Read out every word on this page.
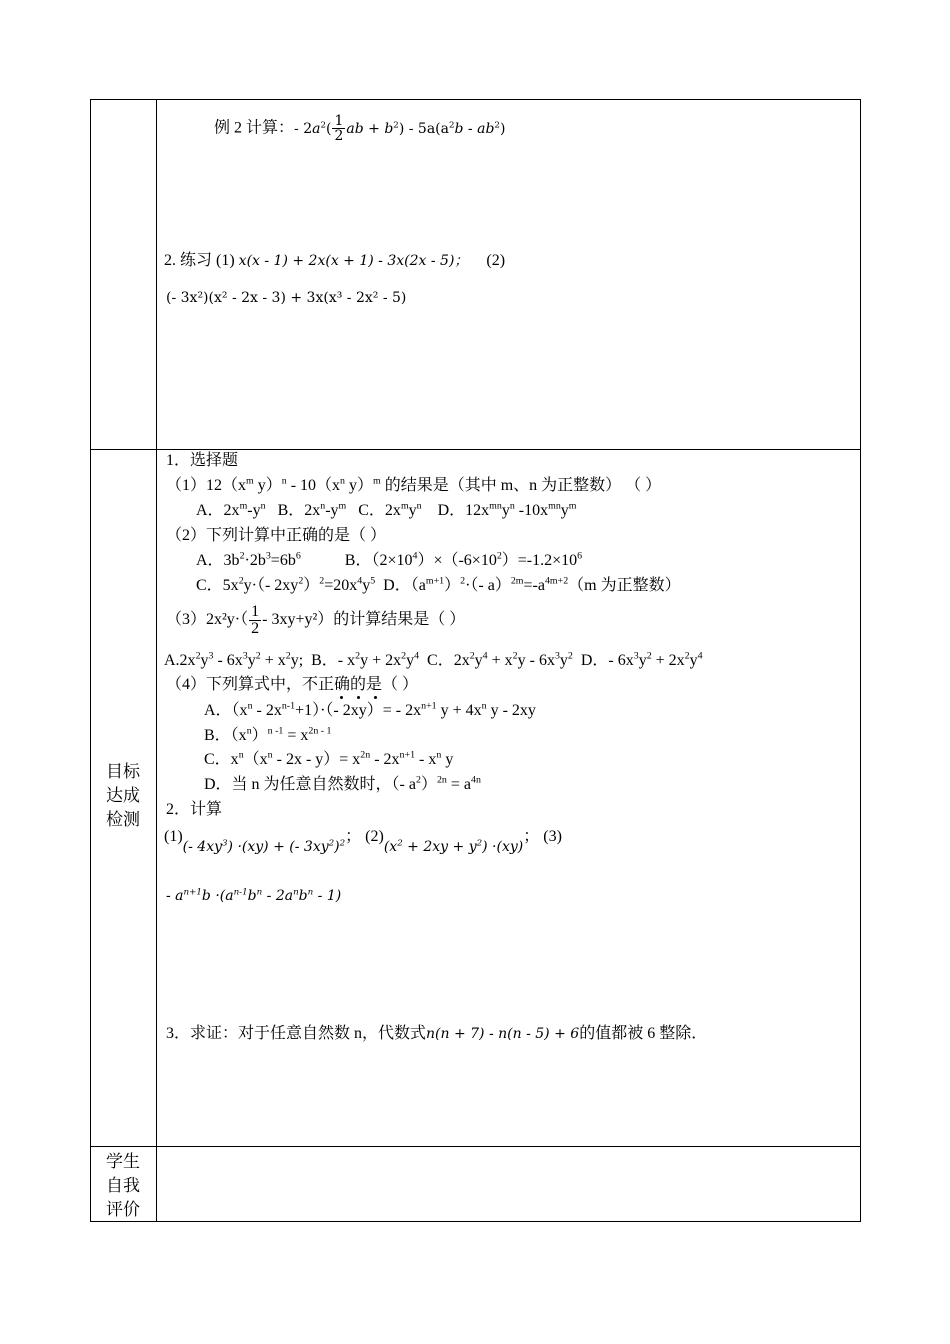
例 2 计算：- $2a^2( \frac{1}{2}$ ab + $b^2) - 5a(a^2b - ab^2)$
2. 练习 (1) x(x - 1) + 2x(x + 1) - 3x(2x - 5)； (2)
(- 3x²)(x² - 2x - 3) + 3x(x³ - 2x² - 5)
目标
达成
检测
1．选择题
$(1)12(x^m$ $y)^n - 10(x^n$ y）$^m$ 的结果是（其中 m、n 为正整数） （ ）
A．$2x^m-y^n$   B．$2x^n-y^m$   C．$2x^my^n$    D．$12x^{mn}y^n$ $-10x^{mn}y^m$
（2）下列计算中正确的是（ ）
A．$3b^2\cdot 2b^3=6b^6$           B．$(2\times 10^4)\times(-6\times 10^2)=-1.2\times 10^6$
C．$5x^2y\cdot(-$ $2xy^2)^2=20x^4y^5$  D．$(a^{m+1})^2\cdot(-$ $a)^{2m}=-a^{4m+2}(m$ 为正整数）
$(3)2x^2y\cdot( \frac{1}{2} - 3xy+y^2)$的计算结果是（ ）
$A.2x^2y^3 - 6x^3y^2 + x^2y$;  B．- $x^2y + 2x^2y^4$  C．$2x^2y^4 + x^2y - 6x^3y^2$  D．- $6x^3y^2 + 2x^2y^4$
（4）下列算式中，不正确的是（ ）
A．$(x^n - 2x^{n-1}+1)\cdot(-$ $2xy)= - 2x^{n+1}$ $y + 4x^n$ y - 2xy
B．$(x^n)^{n -1} = x^{2n - 1}$
C．$x^n(x^n - 2x - y)= x^{2n} - 2x^{n+1} - x^n$ y
D．当 n 为任意自然数时，（- $a^2)^{2n} = a^{4n}$
2．计算
(1)(- $4xy^3) \cdot(xy)$ + (- $3xy^2)^2$； $(2)(x^2 + 2xy + y^2) \cdot(xy)$； (3)
- $a^{n+1}b \cdot(a^{n-1}b^n - 2a^nb^n - 1)$
3．求证：对于任意自然数 n，代数式n(n + 7) - n(n - 5) + 6的值都被 6 整除．
学生
自我
评价
